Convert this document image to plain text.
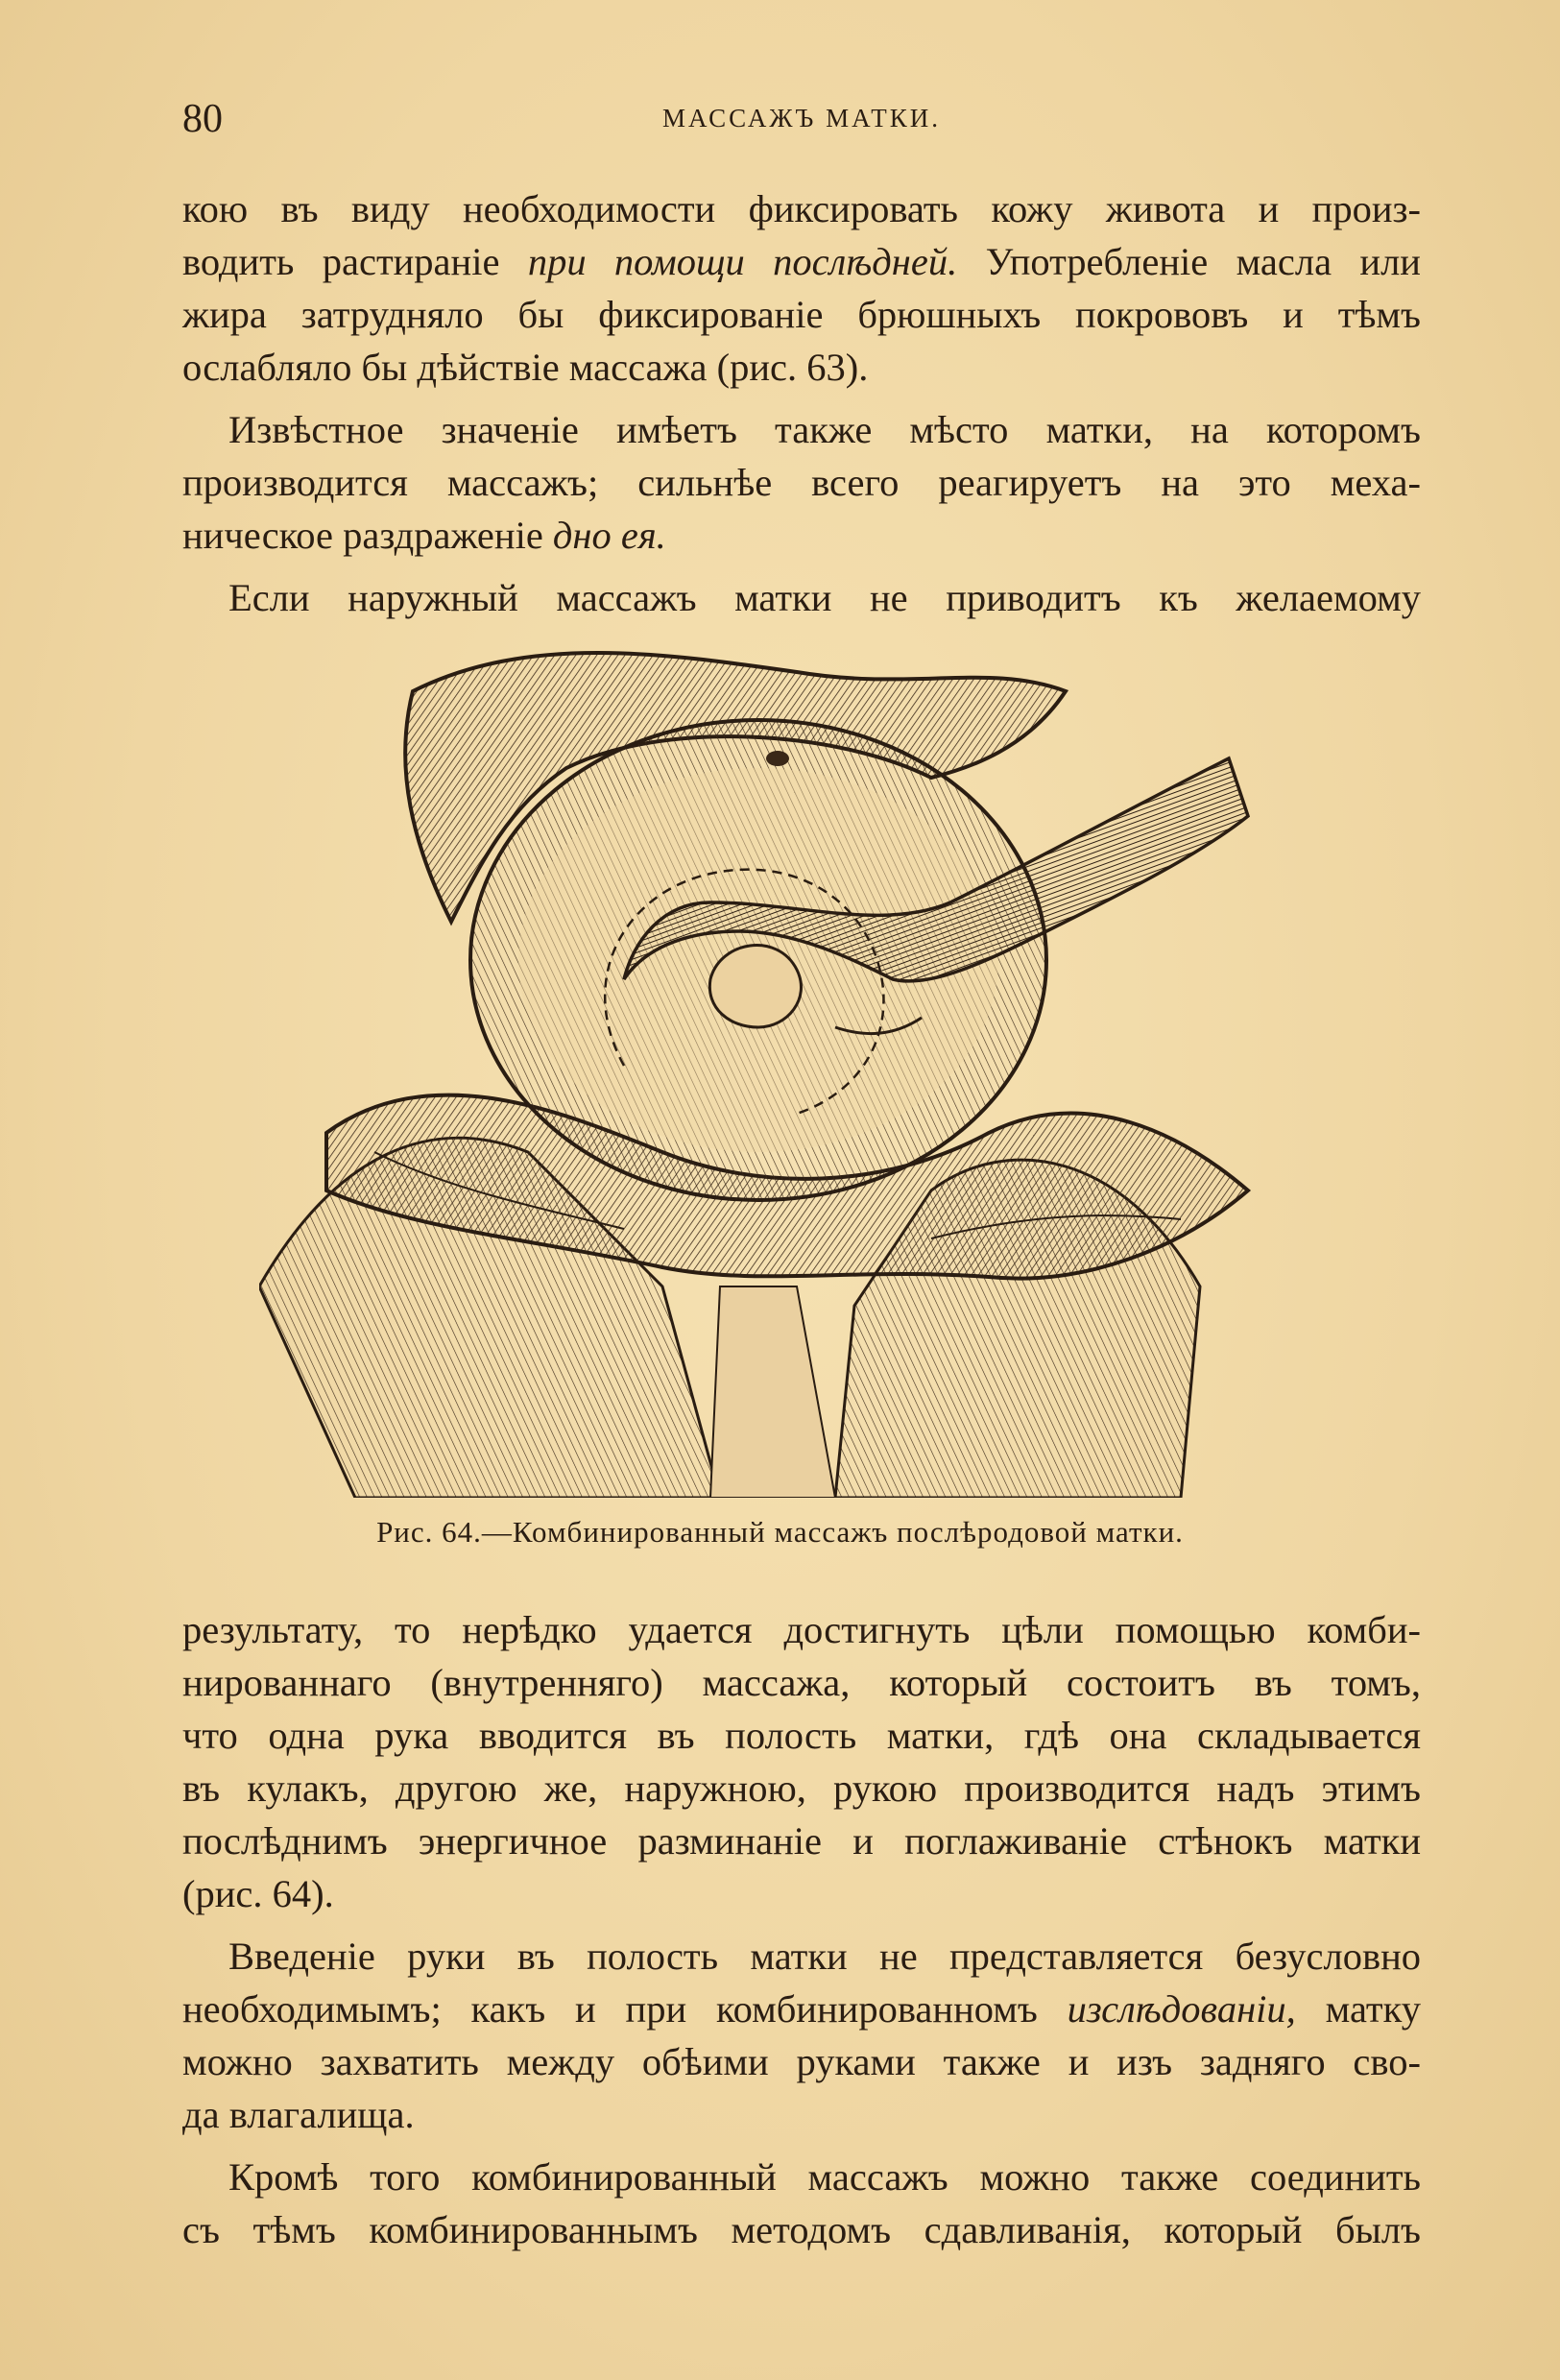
80	МАССАЖЪ МАТКИ.

кою въ виду необходимости фиксировать кожу живота и произ-

водить растираніе при помощи послѣдней. Употребленіе масла или

жира затрудняло бы фиксированіе брюшныхъ покрововъ и тѣмъ

ослабляло бы дѣйствіе массажа (рис. 63).

Извѣстное значеніе имѣетъ также мѣсто матки, на которомъ

производится массажъ; сильнѣе всего реагируетъ на это меха-

ническое раздраженіе дно ея.

Если наружный массажъ матки не приводитъ къ желаемому

Рис. 64.—Комбинированный массажъ послѣродовой матки.

результату, то нерѣдко удается достигнуть цѣли помощью комби-

нированнаго (внутренняго) массажа, который состоитъ въ томъ,

что одна рука вводится въ полость матки, гдѣ она складывается

въ кулакъ, другою же, наружною, рукою производится надъ этимъ

послѣднимъ энергичное разминаніе и поглаживаніе стѣнокъ матки

(рис. 64).

Введеніе руки въ полость матки не представляется безусловно

необходимымъ; какъ и при комбинированномъ изслѣдованіи, матку

можно захватить между обѣими руками также и изъ задняго сво-

да влагалища.

Кромѣ того комбинированный массажъ можно также соединить

съ тѣмъ комбинированнымъ методомъ сдавливанія, который былъ
